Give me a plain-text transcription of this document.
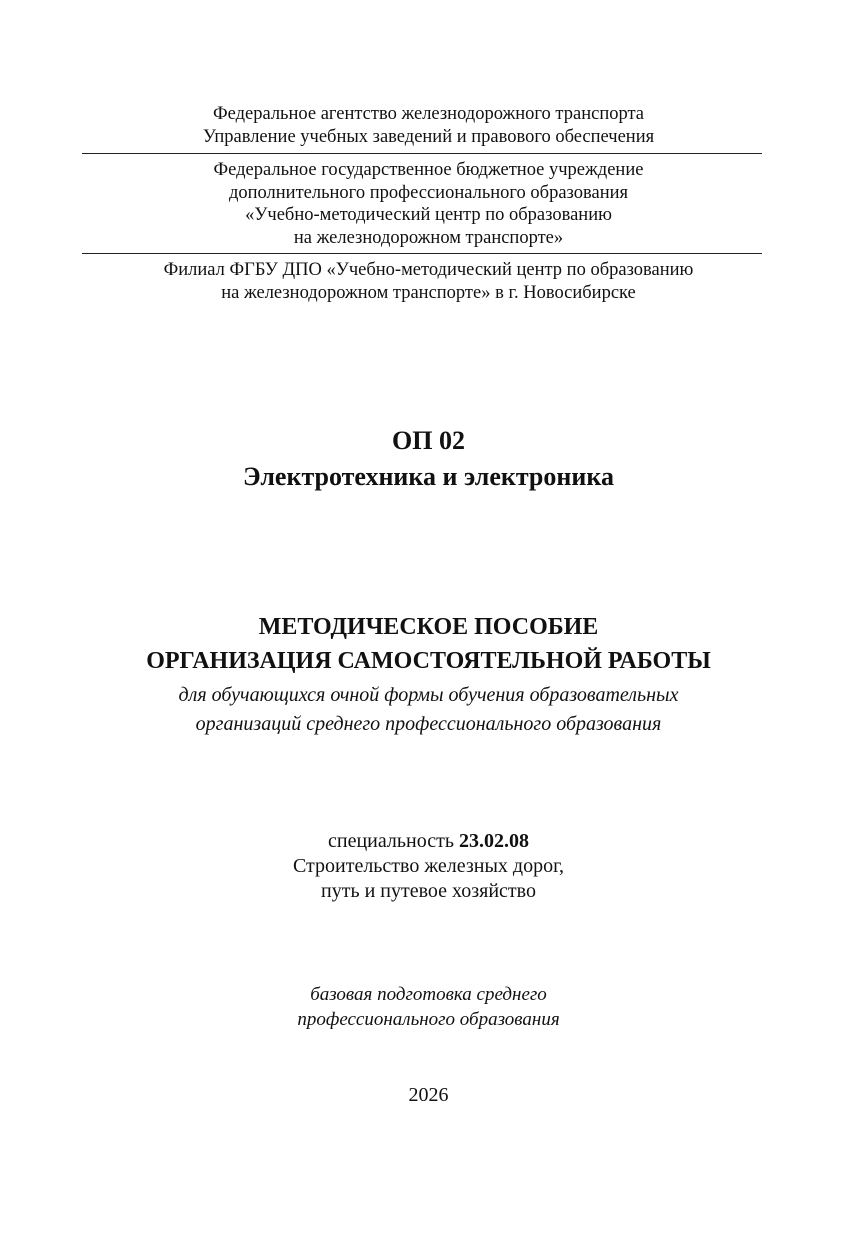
Федеральное агентство железнодорожного транспорта
Управление учебных заведений и правового обеспечения
Федеральное государственное бюджетное учреждение
дополнительного профессионального образования
«Учебно-методический центр по образованию
на железнодорожном транспорте»
Филиал ФГБУ ДПО «Учебно-методический центр по образованию
на железнодорожном транспорте» в г. Новосибирске
ОП 02
Электротехника и электроника
МЕТОДИЧЕСКОЕ ПОСОБИЕ
ОРГАНИЗАЦИЯ САМОСТОЯТЕЛЬНОЙ РАБОТЫ
для обучающихся очной формы обучения образовательных
организаций среднего профессионального образования
специальность 23.02.08
Строительство железных дорог,
путь и путевое хозяйство
базовая подготовка среднего
профессионального образования
2026
